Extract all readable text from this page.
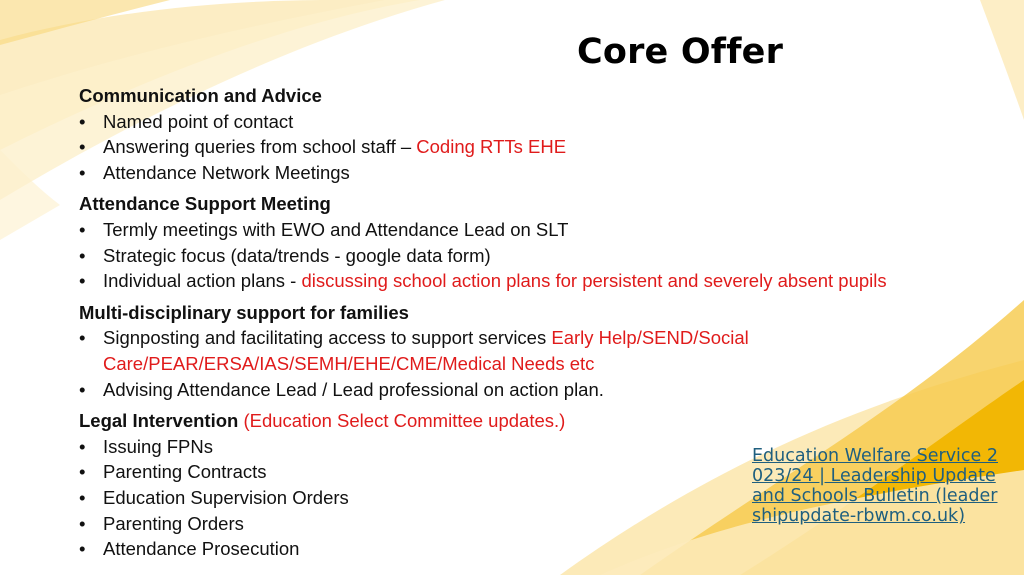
Core Offer
Communication and Advice
• Named point of contact
• Answering queries from school staff – Coding RTTs EHE
• Attendance Network Meetings
Attendance Support Meeting
• Termly meetings with EWO and Attendance Lead on SLT
• Strategic focus (data/trends - google data form)
• Individual action plans - discussing school action plans for persistent and severely absent pupils
Multi-disciplinary support for families
• Signposting and facilitating access to support services Early Help/SEND/Social Care/PEAR/ERSA/IAS/SEMH/EHE/CME/Medical Needs etc
• Advising Attendance Lead / Lead professional on action plan.
Legal Intervention (Education Select Committee updates.)
• Issuing FPNs
• Parenting Contracts
• Education Supervision Orders
• Parenting Orders
• Attendance Prosecution
Education Welfare Service 2023/24 | Leadership Update and Schools Bulletin (leadershipupdate-rbwm.co.uk)
